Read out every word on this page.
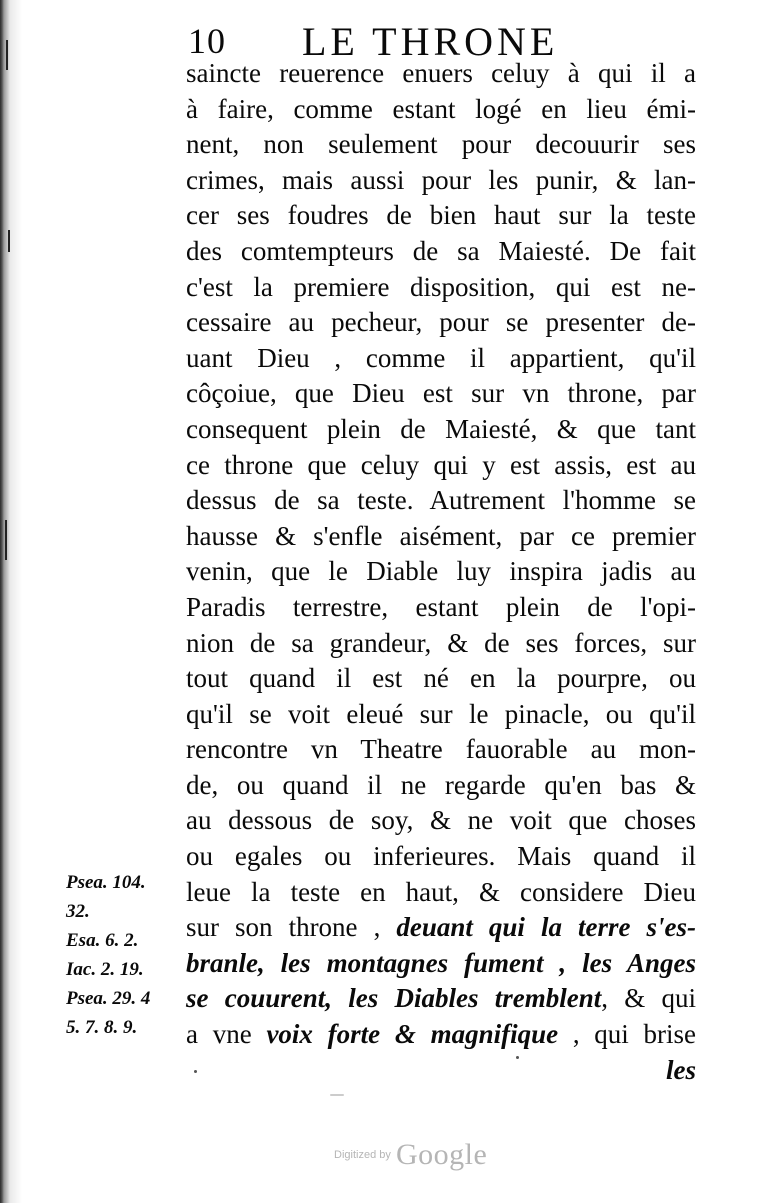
10 LE THRONE
saincte reuerence enuers celuy à qui il a
à faire, comme estant logé en lieu émi-
nent, non seulement pour decouurir ses
crimes, mais aussi pour les punir, & lan-
cer ses foudres de bien haut sur la teste
des comtempteurs de sa Maiesté. De fait
c'est la premiere disposition, qui est ne-
cessaire au pecheur, pour se presenter de-
uant Dieu , comme il appartient, qu'il
côçoiue, que Dieu est sur vn throne, par
consequent plein de Maiesté, & que tant
ce throne que celuy qui y est assis, est au
dessus de sa teste. Autrement l'homme se
hausse & s'enfle aisément, par ce premier
venin, que le Diable luy inspira jadis au
Paradis terrestre, estant plein de l'opi-
nion de sa grandeur, & de ses forces, sur
tout quand il est né en la pourpre, ou
qu'il se voit eleué sur le pinacle, ou qu'il
rencontre vn Theatre fauorable au mon-
de, ou quand il ne regarde qu'en bas &
au dessous de soy, & ne voit que choses
ou egales ou inferieures. Mais quand il
leue la teste en haut, & considere Dieu
sur son throne , deuant qui la terre s'es-
branle, les montagnes fument , les Anges
se couurent, les Diables tremblent, & qui
a vne voix forte & magnifique , qui brise
les
Psea. 104.
32.
Esa. 6. 2.
Iac. 2. 19.
Psea. 29. 4
5. 7. 8. 9.
Digitized by Google
